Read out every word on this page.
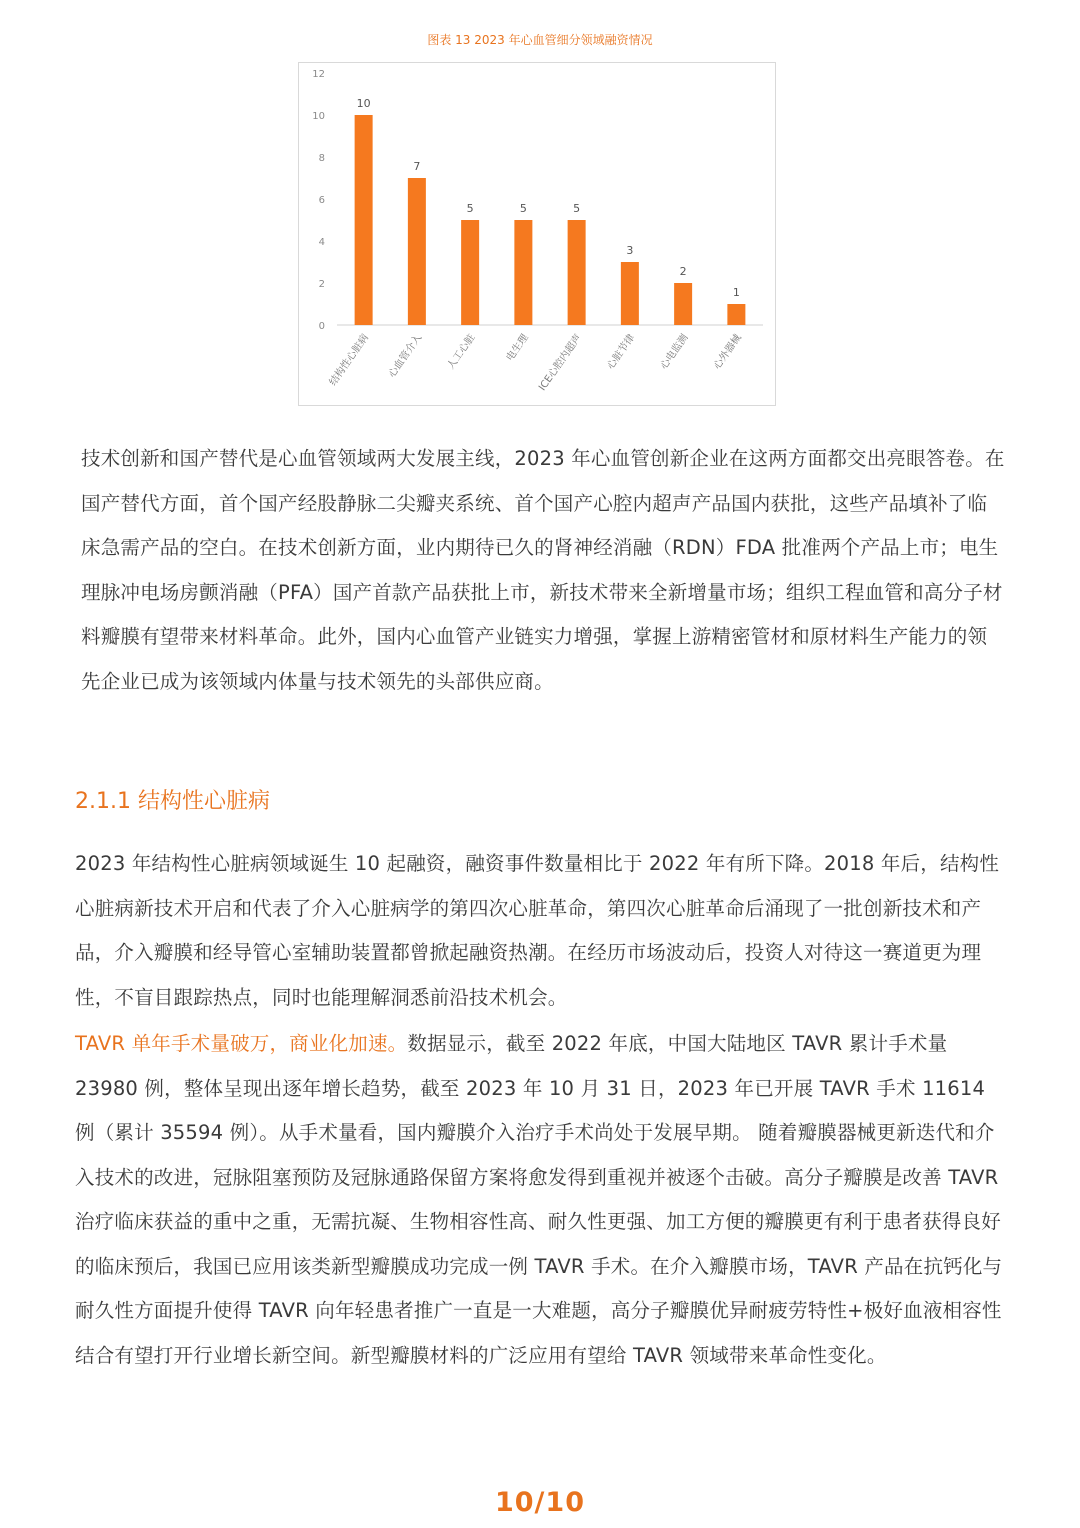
图表 13 2023 年心血管细分领域融资情况
0
2
4
6
8
10
12
10
结构性心脏病
7
心血管介入
5
人工心脏
5
电生理
5
ICE心腔内超声
3
心脏节律
2
心电监测
1
心外器械

技术创新和国产替代是心血管领域两大发展主线，2023 年心血管创新企业在这两方面都交出亮眼答卷。在国产替代方面，首个国产经股静脉二尖瓣夹系统、首个国产心腔内超声产品国内获批，这些产品填补了临床急需产品的空白。在技术创新方面，业内期待已久的肾神经消融（RDN）FDA 批准两个产品上市；电生理脉冲电场房颤消融（PFA）国产首款产品获批上市，新技术带来全新增量市场；组织工程血管和高分子材料瓣膜有望带来材料革命。此外，国内心血管产业链实力增强，掌握上游精密管材和原材料生产能力的领先企业已成为该领域内体量与技术领先的头部供应商。

2.1.1 结构性心脏病

2023 年结构性心脏病领域诞生 10 起融资，融资事件数量相比于 2022 年有所下降。2018 年后，结构性心脏病新技术开启和代表了介入心脏病学的第四次心脏革命，第四次心脏革命后涌现了一批创新技术和产品，介入瓣膜和经导管心室辅助装置都曾掀起融资热潮。在经历市场波动后，投资人对待这一赛道更为理性，不盲目跟踪热点，同时也能理解洞悉前沿技术机会。

TAVR 单年手术量破万，商业化加速。数据显示，截至 2022 年底，中国大陆地区 TAVR 累计手术量 23980 例，整体呈现出逐年增长趋势，截至 2023 年 10 月 31 日，2023 年已开展 TAVR 手术 11614 例（累计 35594 例）。从手术量看，国内瓣膜介入治疗手术尚处于发展早期。 随着瓣膜器械更新迭代和介入技术的改进，冠脉阻塞预防及冠脉通路保留方案将愈发得到重视并被逐个击破。高分子瓣膜是改善 TAVR 治疗临床获益的重中之重，无需抗凝、生物相容性高、耐久性更强、加工方便的瓣膜更有利于患者获得良好的临床预后，我国已应用该类新型瓣膜成功完成一例 TAVR 手术。在介入瓣膜市场，TAVR 产品在抗钙化与耐久性方面提升使得 TAVR 向年轻患者推广一直是一大难题，高分子瓣膜优异耐疲劳特性+极好血液相容性结合有望打开行业增长新空间。新型瓣膜材料的广泛应用有望给 TAVR 领域带来革命性变化。

10/10
